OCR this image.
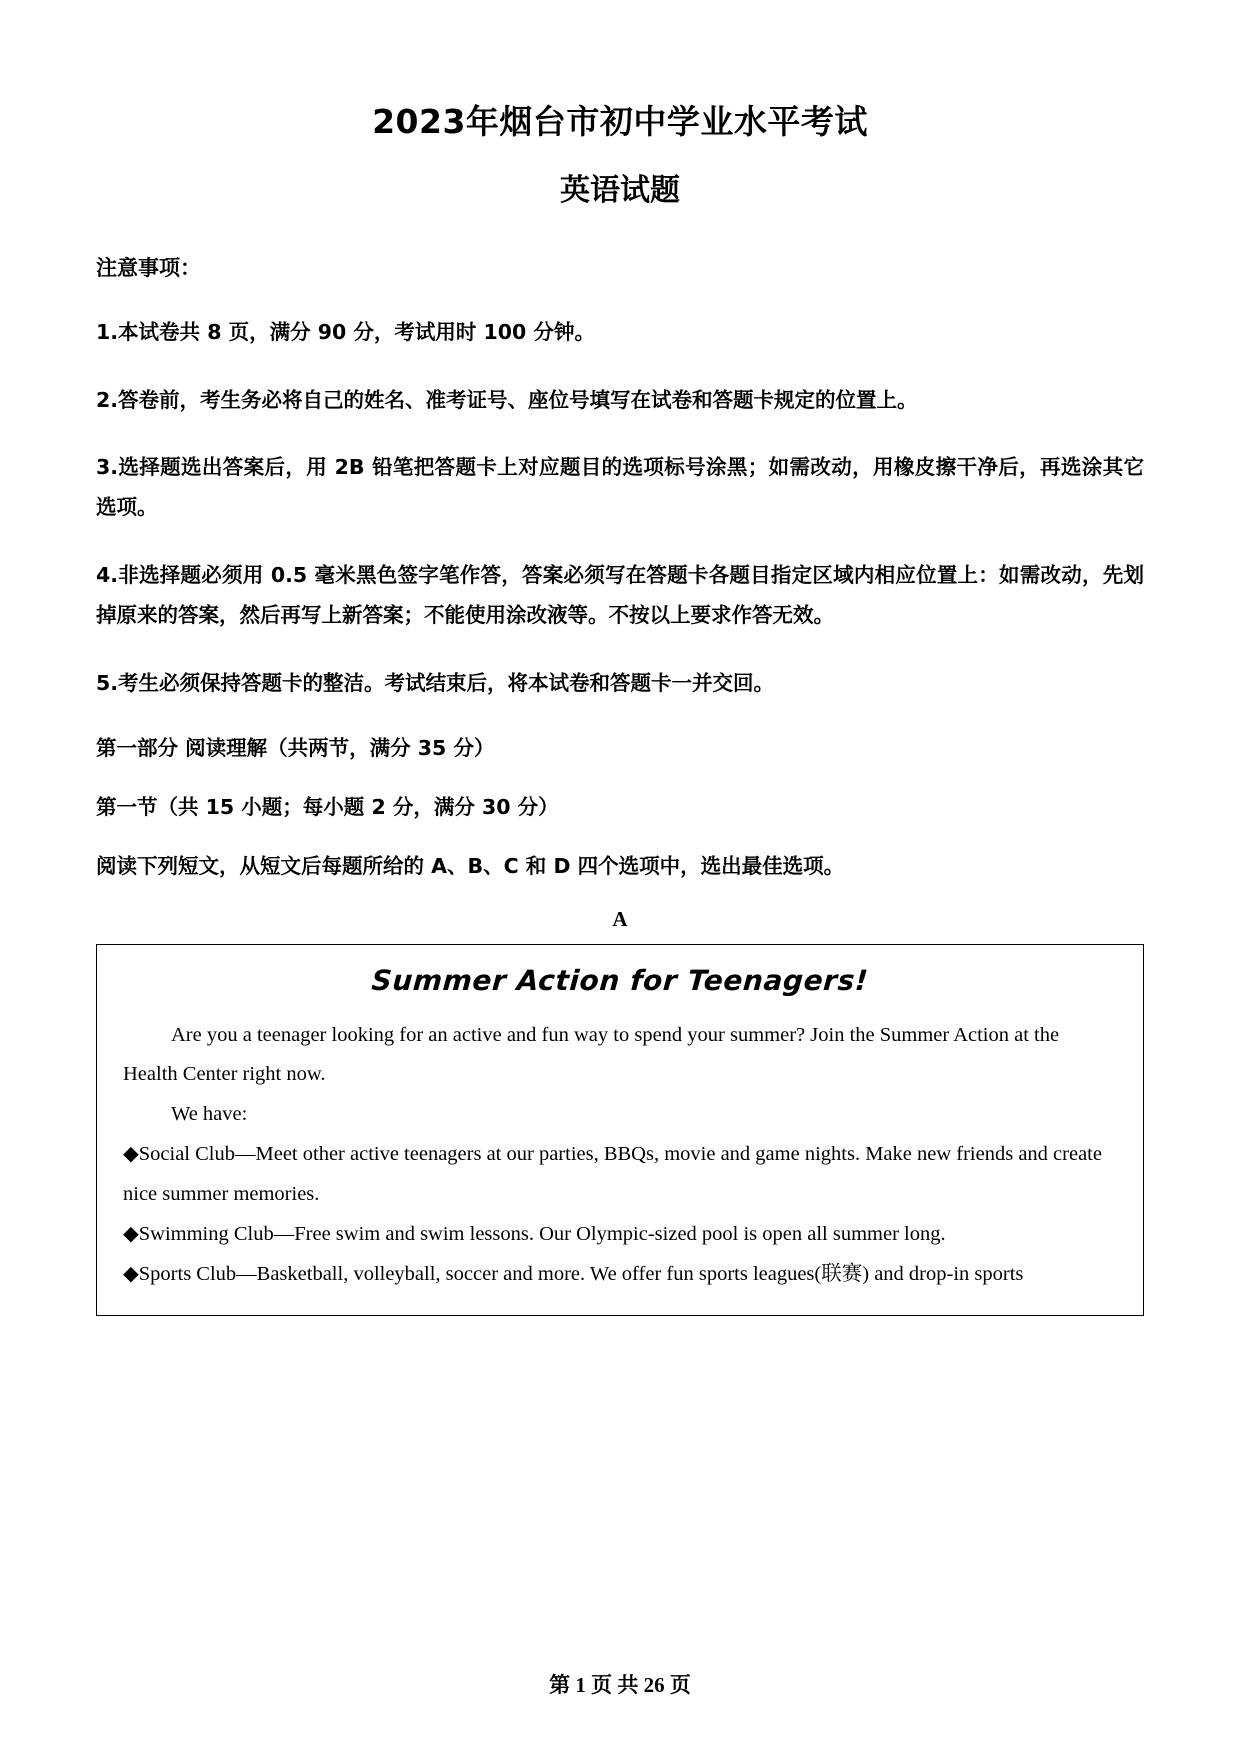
2023年烟台市初中学业水平考试
英语试题

注意事项：

1.本试卷共 8 页，满分 90 分，考试用时 100 分钟。

2.答卷前，考生务必将自己的姓名、准考证号、座位号填写在试卷和答题卡规定的位置上。

3.选择题选出答案后，用 2B 铅笔把答题卡上对应题目的选项标号涂黑；如需改动，用橡皮擦干净后，再选涂其它选项。

4.非选择题必须用 0.5 毫米黑色签字笔作答，答案必须写在答题卡各题目指定区域内相应位置上：如需改动，先划掉原来的答案，然后再写上新答案；不能使用涂改液等。不按以上要求作答无效。

5.考生必须保持答题卡的整洁。考试结束后，将本试卷和答题卡一并交回。

第一部分 阅读理解（共两节，满分 35 分）

第一节（共 15 小题；每小题 2 分，满分 30 分）

阅读下列短文，从短文后每题所给的 A、B、C 和 D 四个选项中，选出最佳选项。

A

Summer Action for Teenagers!

Are you a teenager looking for an active and fun way to spend your summer? Join the Summer Action at the Health Center right now.

We have:

◆Social Club—Meet other active teenagers at our parties, BBQs, movie and game nights. Make new friends and create nice summer memories.

◆Swimming Club—Free swim and swim lessons. Our Olympic-sized pool is open all summer long.

◆Sports Club—Basketball, volleyball, soccer and more. We offer fun sports leagues(联赛) and drop-in sports

第 1 页 共 26 页
